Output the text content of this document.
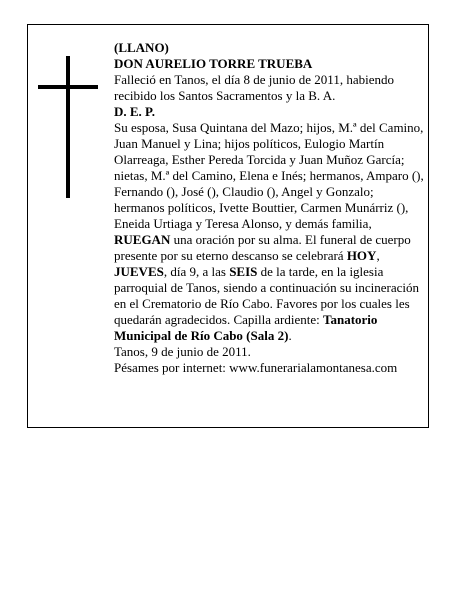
(LLANO)

DON AURELIO TORRE TRUEBA

Falleció en Tanos, el día 8 de junio de 2011, habiendo recibido los Santos Sacramentos y la B. A.

D. E. P.

Su esposa, Susa Quintana del Mazo; hijos, M.ª del Camino, Juan Manuel y Lina; hijos políticos, Eulogio Martín Olarreaga, Esther Pereda Torcida y Juan Muñoz García; nietas, M.ª del Camino, Elena e Inés; hermanos, Amparo (), Fernando (), José (), Claudio (), Angel y Gonzalo; hermanos políticos, Ivette Bouttier, Carmen Munárriz (), Eneida Urtiaga y Teresa Alonso, y demás familia,

RUEGAN una oración por su alma. El funeral de cuerpo presente por su eterno descanso se celebrará HOY, JUEVES, día 9, a las SEIS de la tarde, en la iglesia parroquial de Tanos, siendo a continuación su incineración en el Crematorio de Río Cabo. Favores por los cuales les quedarán agradecidos. Capilla ardiente: Tanatorio Municipal de Río Cabo (Sala 2).

Tanos, 9 de junio de 2011.

Pésames por internet: www.funerarialamontanesa.com
